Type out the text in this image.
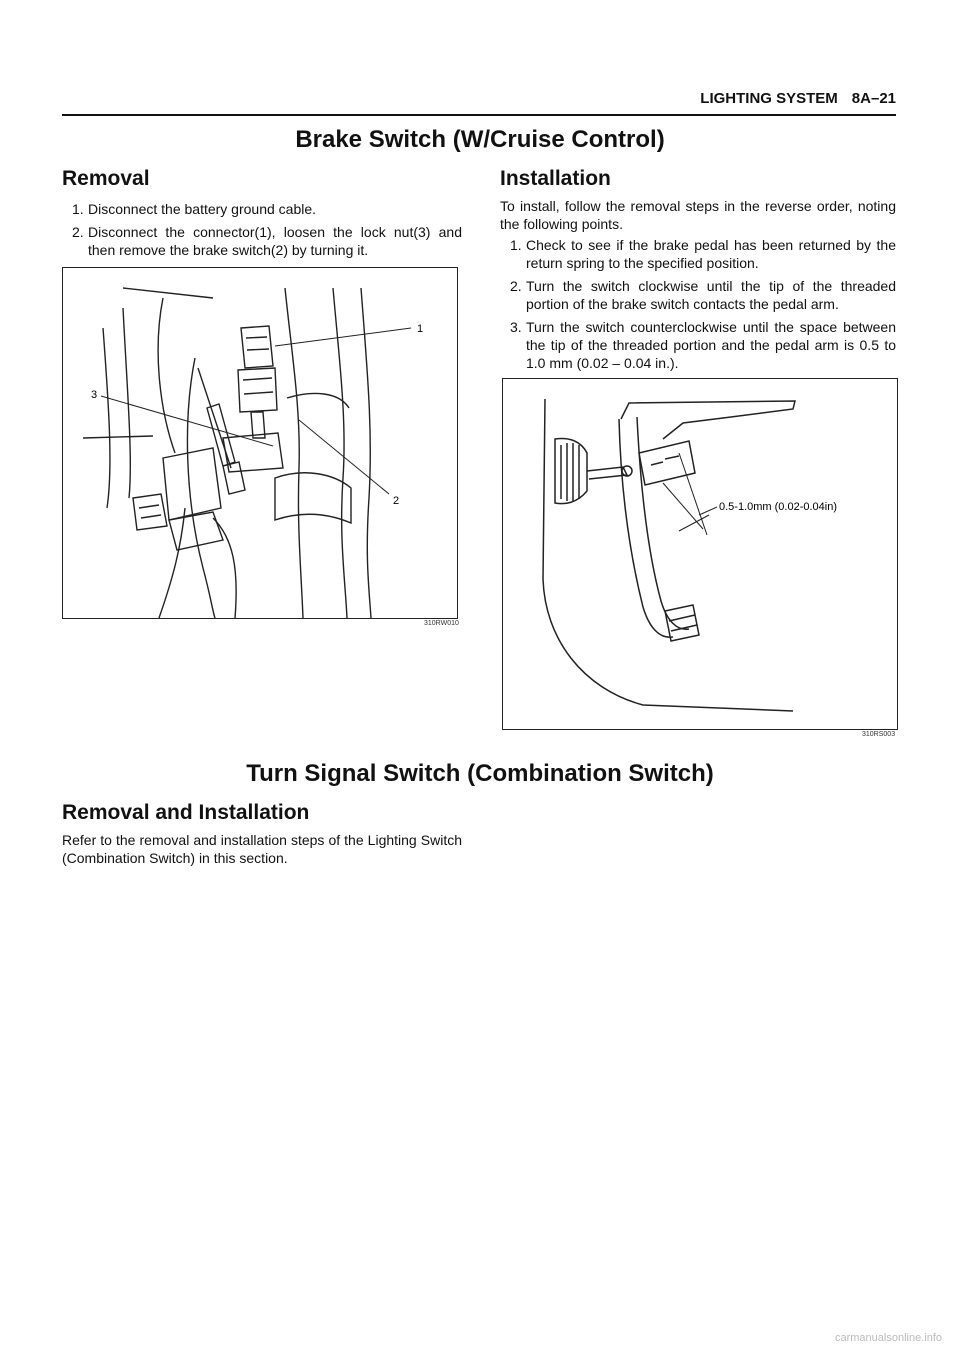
LIGHTING SYSTEM 8A–21
Brake Switch (W/Cruise Control)
Removal
1. Disconnect the battery ground cable.
2. Disconnect the connector(1), loosen the lock nut(3) and then remove the brake switch(2) by turning it.
1
2
3
310RW010
Installation

To install, follow the removal steps in the reverse order, noting the following points.

1. Check to see if the brake pedal has been returned by the return spring to the specified position.
2. Turn the switch clockwise until the tip of the threaded portion of the brake switch contacts the pedal arm.
3. Turn the switch counterclockwise until the space between the tip of the threaded portion and the pedal arm is 0.5 to 1.0 mm (0.02 – 0.04 in.).
0.5-1.0mm (0.02-0.04in)
310RS003
Turn Signal Switch (Combination Switch)
Removal and Installation

Refer to the removal and installation steps of the Lighting Switch (Combination Switch) in this section.

carmanualsonline.info
